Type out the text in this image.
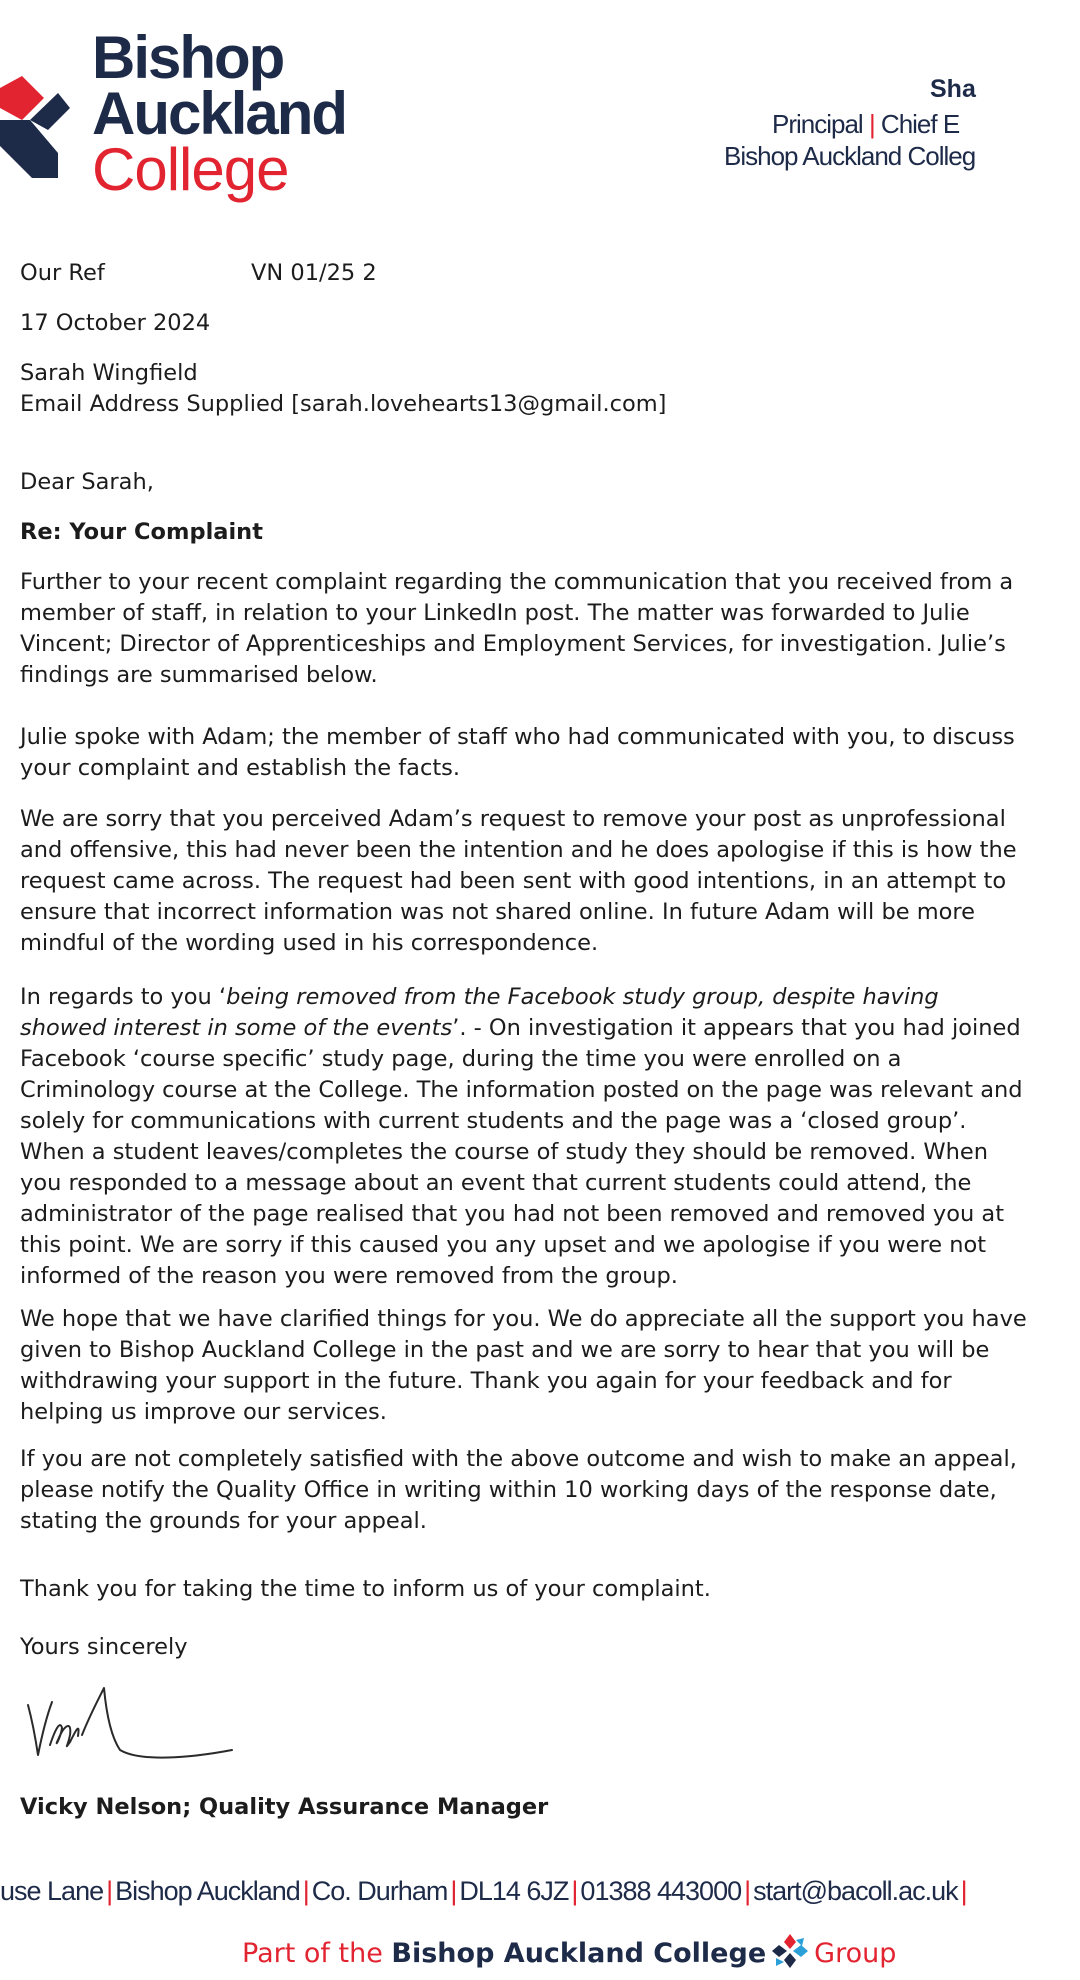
Bishop
Auckland
College
Sha
Principal | Chief E
Bishop Auckland Colleg
Our Ref	VN 01/25 2
17 October 2024
Sarah Wingfield
Email Address Supplied [sarah.lovehearts13@gmail.com]
Dear Sarah,
Re: Your Complaint
Further to your recent complaint regarding the communication that you received from a
member of staff, in relation to your LinkedIn post. The matter was forwarded to Julie
Vincent; Director of Apprenticeships and Employment Services, for investigation. Julie’s
findings are summarised below.
Julie spoke with Adam; the member of staff who had communicated with you, to discuss
your complaint and establish the facts.
We are sorry that you perceived Adam’s request to remove your post as unprofessional
and offensive, this had never been the intention and he does apologise if this is how the
request came across. The request had been sent with good intentions, in an attempt to
ensure that incorrect information was not shared online. In future Adam will be more
mindful of the wording used in his correspondence.
In regards to you ‘being removed from the Facebook study group, despite having
showed interest in some of the events’. - On investigation it appears that you had joined
Facebook ‘course specific’ study page, during the time you were enrolled on a
Criminology course at the College. The information posted on the page was relevant and
solely for communications with current students and the page was a ‘closed group’.
When a student leaves/completes the course of study they should be removed. When
you responded to a message about an event that current students could attend, the
administrator of the page realised that you had not been removed and removed you at
this point. We are sorry if this caused you any upset and we apologise if you were not
informed of the reason you were removed from the group.
We hope that we have clarified things for you. We do appreciate all the support you have
given to Bishop Auckland College in the past and we are sorry to hear that you will be
withdrawing your support in the future. Thank you again for your feedback and for
helping us improve our services.
If you are not completely satisfied with the above outcome and wish to make an appeal,
please notify the Quality Office in writing within 10 working days of the response date,
stating the grounds for your appeal.
Thank you for taking the time to inform us of your complaint.
Yours sincerely
Vicky Nelson; Quality Assurance Manager
use Lane | Bishop Auckland | Co. Durham | DL14 6JZ | 01388 443000 | start@bacoll.ac.uk |
Part of the Bishop Auckland College Group
